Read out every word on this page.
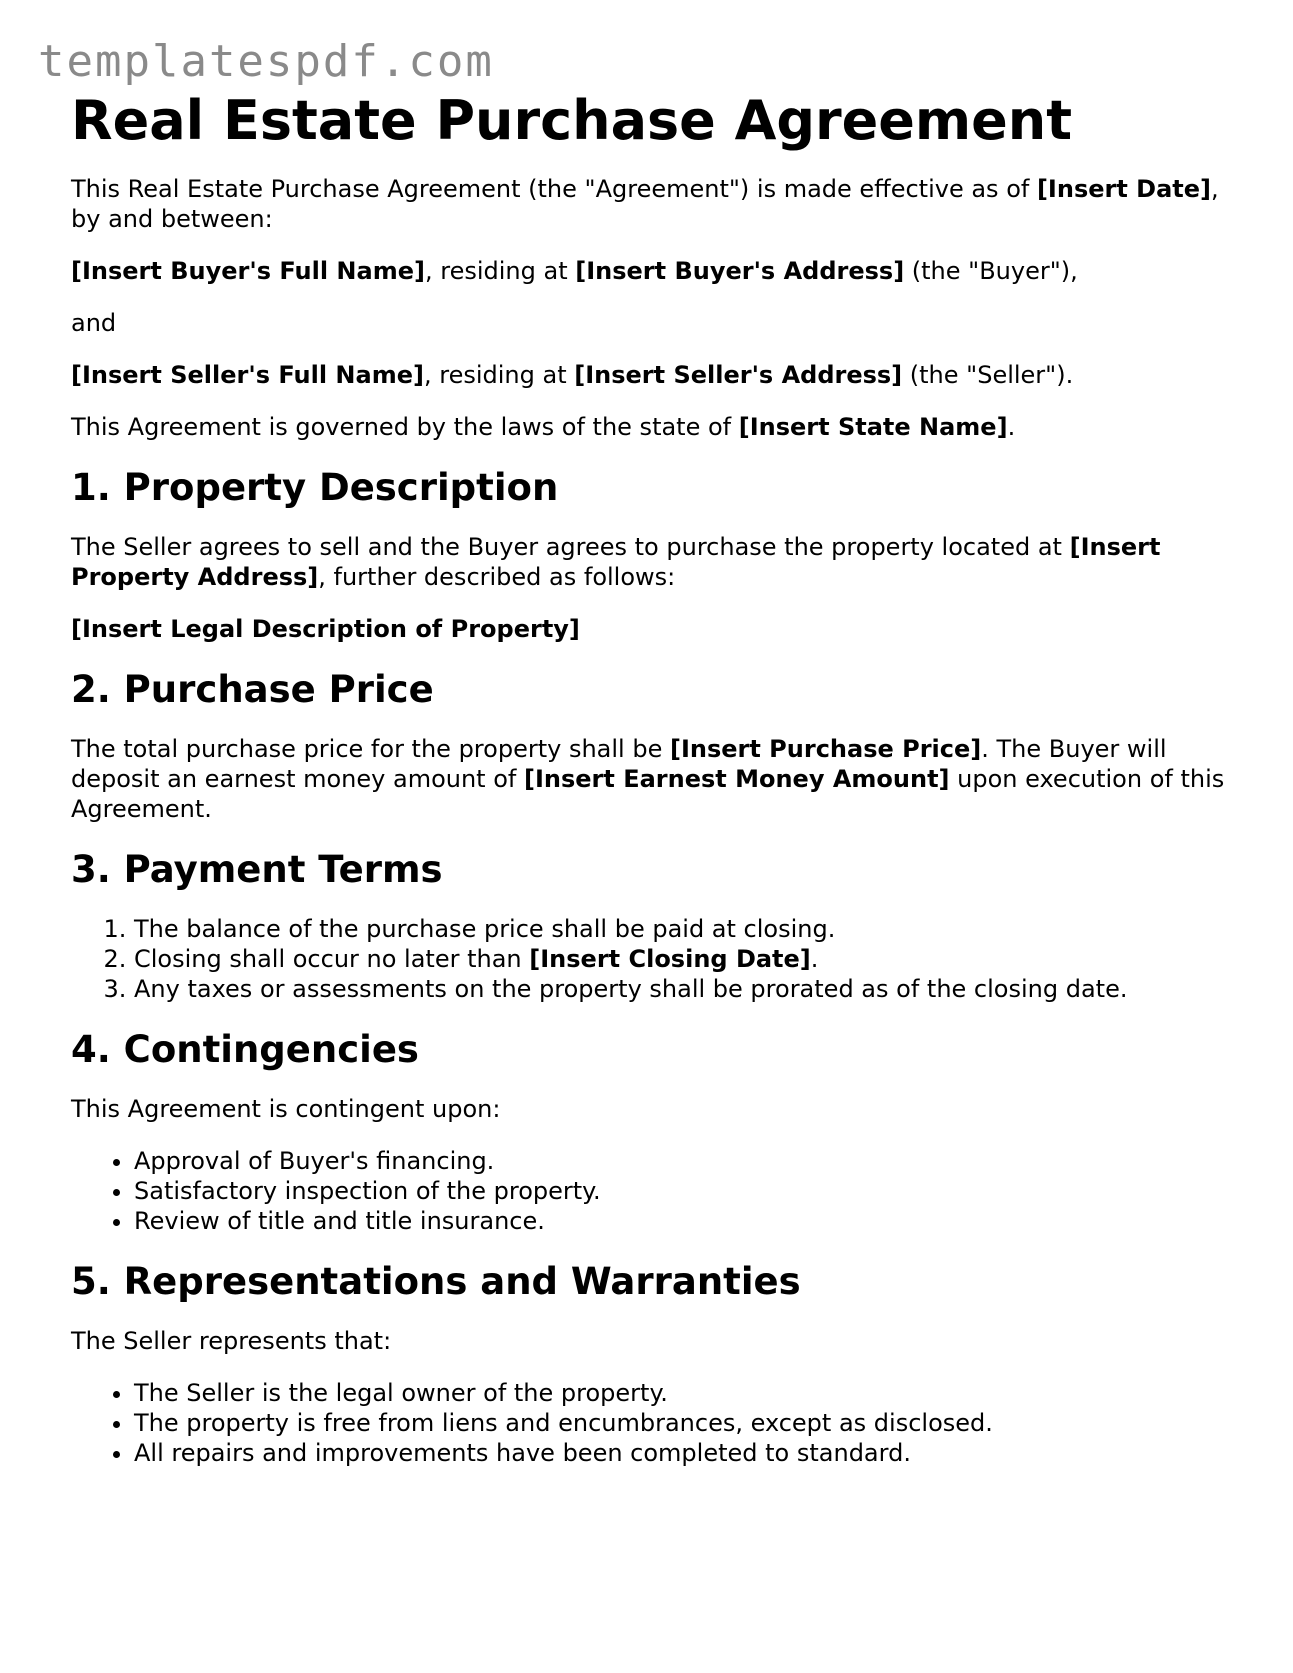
templatespdf.com
Real Estate Purchase Agreement

This Real Estate Purchase Agreement (the "Agreement") is made effective as of [Insert Date], by and between:

[Insert Buyer's Full Name], residing at [Insert Buyer's Address] (the "Buyer"),

and

[Insert Seller's Full Name], residing at [Insert Seller's Address] (the "Seller").

This Agreement is governed by the laws of the state of [Insert State Name].

1. Property Description

The Seller agrees to sell and the Buyer agrees to purchase the property located at [Insert Property Address], further described as follows:

[Insert Legal Description of Property]

2. Purchase Price

The total purchase price for the property shall be [Insert Purchase Price]. The Buyer will deposit an earnest money amount of [Insert Earnest Money Amount] upon execution of this Agreement.

3. Payment Terms
1. The balance of the purchase price shall be paid at closing.
2. Closing shall occur no later than [Insert Closing Date].
3. Any taxes or assessments on the property shall be prorated as of the closing date.
4. Contingencies

This Agreement is contingent upon:

• Approval of Buyer's financing.
• Satisfactory inspection of the property.
• Review of title and title insurance.
5. Representations and Warranties

The Seller represents that:

• The Seller is the legal owner of the property.
• The property is free from liens and encumbrances, except as disclosed.
• All repairs and improvements have been completed to standard.
